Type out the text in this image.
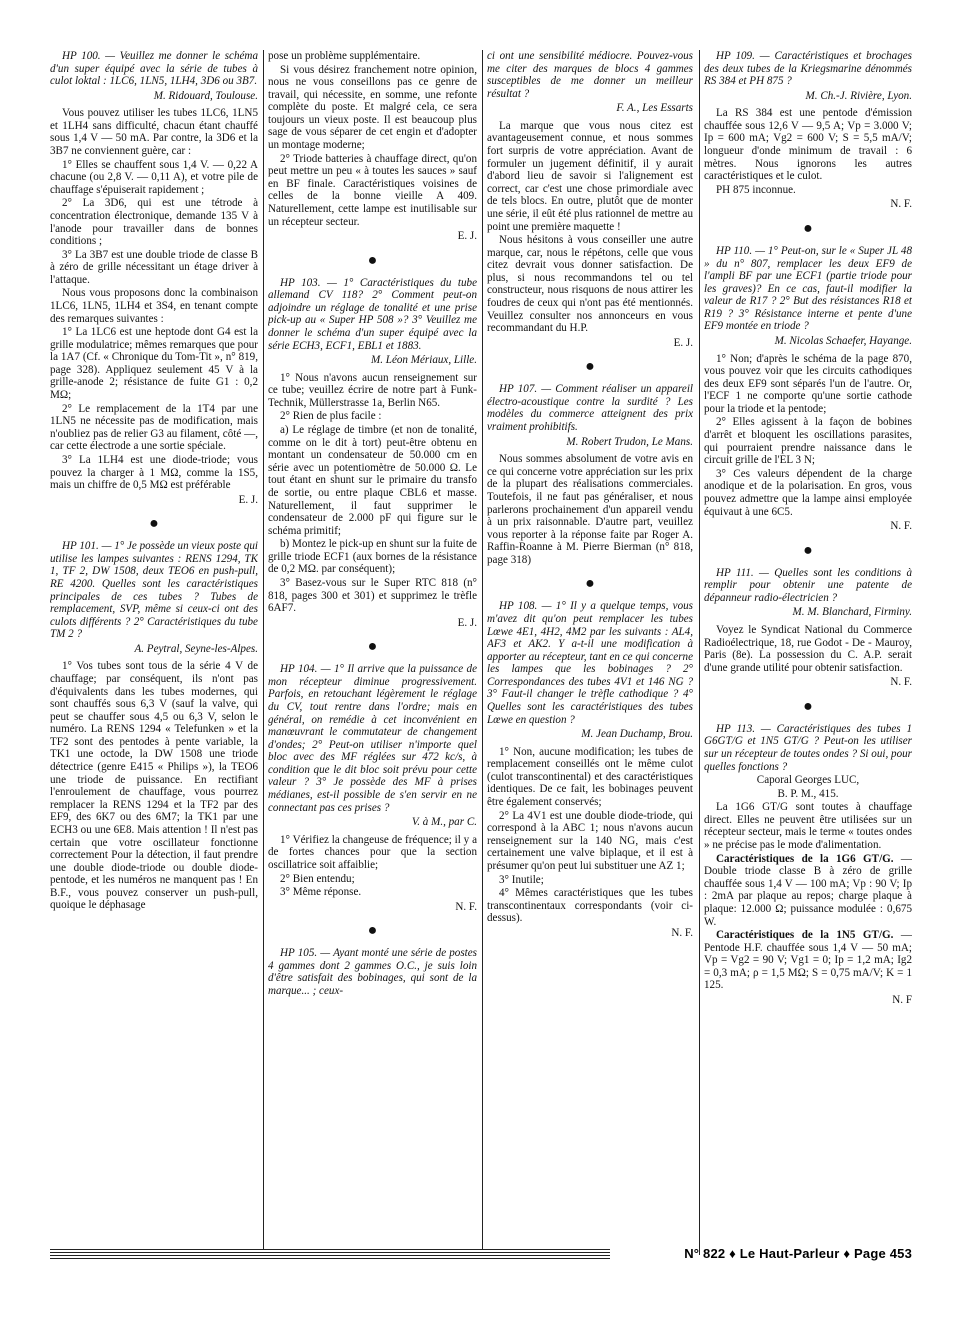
HP 100. — Veuillez me donner le schéma d'un super équipé avec la série de tubes à culot loktal : 1LC6, 1LN5, 1LH4, 3D6 ou 3B7.

M. Ridouard, Toulouse.

Vous pouvez utiliser les tubes 1LC6, 1LN5 et 1LH4 sans difficulté, chacun étant chauffé sous 1,4 V — 50 mA. Par contre, la 3D6 et la 3B7 ne conviennent guère, car :

1° Elles se chauffent sous 1,4 V. — 0,22 A chacune (ou 2,8 V. — 0,11 A), et votre pile de chauffage s'épuiserait rapidement ;

2° La 3D6, qui est une tétrode à concentration électronique, demande 135 V à l'anode pour travailler dans de bonnes conditions ;

3° La 3B7 est une double triode de classe B à zéro de grille nécessitant un étage driver à l'attaque.

Nous vous proposons donc la combinaison 1LC6, 1LN5, 1LH4 et 3S4, en tenant compte des remarques suivantes :

1° La 1LC6 est une heptode dont G4 est la grille modulatrice; mêmes remarques que pour la 1A7 (Cf. « Chronique du Tom-Tit », n° 819, page 328). Appliquez seulement 45 V à la grille-anode 2; résistance de fuite G1 : 0,2 MΩ;

2° Le remplacement de la 1T4 par une 1LN5 ne nécessite pas de modification, mais n'oubliez pas de relier G3 au filament, côté —, car cette électrode a une sortie spéciale.

3° La 1LH4 est une diode-triode; vous pouvez la charger à 1 MΩ, comme la 1S5, mais un chiffre de 0,5 MΩ est préférable

E. J.

●

HP 101. — 1° Je possède un vieux poste qui utilise les lampes suivantes : RENS 1294, TK 1, TF 2, DW 1508, deux TEO6 en push-pull, RE 4200. Quelles sont les caractéristiques principales de ces tubes ? Tubes de remplacement, SVP, même si ceux-ci ont des culots différents ? 2° Caractéristiques du tube TM 2 ?

A. Peytral, Seyne-les-Alpes.

1° Vos tubes sont tous de la série 4 V de chauffage; par conséquent, ils n'ont pas d'équivalents dans les tubes modernes, qui sont chauffés sous 6,3 V (sauf la valve, qui peut se chauffer sous 4,5 ou 6,3 V, selon le numéro. La RENS 1294 « Telefunken » et la TF2 sont des pentodes à pente variable, la TK1 une octode, la DW 1508 une triode détectrice (genre E415 « Philips »), la TEO6 une triode de puissance. En rectifiant l'enroulement de chauffage, vous pourrez remplacer la RENS 1294 et la TF2 par des EF9, des 6K7 ou des 6M7; la TK1 par une ECH3 ou une 6E8. Mais attention ! Il n'est pas certain que votre oscillateur fonctionne correctement Pour la détection, il faut prendre une double diode-triode ou double diode-pentode, et les numéros ne manquent pas ! En B.F., vous pouvez conserver un push-pull, quoique le déphasage

pose un problème supplémentaire.

Si vous désirez franchement notre opinion, nous ne vous conseillons pas ce genre de travail, qui nécessite, en somme, une refonte complète du poste. Et malgré cela, ce sera toujours un vieux poste. Il est beaucoup plus sage de vous séparer de cet engin et d'adopter un montage moderne;

2° Triode batteries à chauffage direct, qu'on peut mettre un peu « à toutes les sauces » sauf en BF finale. Caractéristiques voisines de celles de la bonne vieille A 409. Naturellement, cette lampe est inutilisable sur un récepteur secteur.

E. J.

●

HP 103. — 1° Caractéristiques du tube allemand CV 118? 2° Comment peut-on adjoindre un réglage de tonalité et une prise pick-up au « Super HP 508 »? 3° Veuillez me donner le schéma d'un super équipé avec la série ECH3, ECF1, EBL1 et 1883.

M. Léon Mériaux, Lille.

1° Nous n'avons aucun renseignement sur ce tube; veuillez écrire de notre part à Funk-Technik, Müllerstrasse 1a, Berlin N65.

2° Rien de plus facile :

a) Le réglage de timbre (et non de tonalité, comme on le dit à tort) peut-être obtenu en montant un condensateur de 50.000 cm en série avec un potentiomètre de 50.000 Ω. Le tout étant en shunt sur le primaire du transfo de sortie, ou entre plaque CBL6 et masse. Naturellement, il faut supprimer le condensateur de 2.000 pF qui figure sur le schéma primitif;

b) Montez le pick-up en shunt sur la fuite de grille triode ECF1 (aux bornes de la résistance de 0,2 MΩ. par conséquent);

3° Basez-vous sur le Super RTC 818 (n° 818, pages 300 et 301) et supprimez le trèfle 6AF7.

E. J.

●

HP 104. — 1° Il arrive que la puissance de mon récepteur diminue progressivement. Parfois, en retouchant légèrement le réglage du CV, tout rentre dans l'ordre; mais en général, on remédie à cet inconvénient en manœuvrant le commutateur de changement d'ondes; 2° Peut-on utiliser n'importe quel bloc avec des MF réglées sur 472 kc/s, à condition que le dit bloc soit prévu pour cette valeur ? 3° Je possède des MF à prises médianes, est-il possible de s'en servir en ne connectant pas ces prises ?

V. à M., par C.

1° Vérifiez la changeuse de fréquence; il y a de fortes chances pour que la section oscillatrice soit affaiblie;

2° Bien entendu;

3° Même réponse.

N. F.

●

HP 105. — Ayant monté une série de postes 4 gammes dont 2 gammes O.C., je suis loin d'être satisfait des bobinages, qui sont de la marque... ; ceux-

ci ont une sensibilité médiocre. Pouvez-vous me citer des marques de blocs 4 gammes susceptibles de me donner un meilleur résultat ?

F. A., Les Essarts

La marque que vous nous citez est avantageusement connue, et nous sommes fort surpris de votre appréciation. Avant de formuler un jugement définitif, il y aurait d'abord lieu de savoir si l'alignement est correct, car c'est une chose primordiale avec de tels blocs. En outre, plutôt que de monter une série, il eût été plus rationnel de mettre au point une première maquette !

Nous hésitons à vous conseiller une autre marque, car, nous le répétons, celle que vous citez devrait vous donner satisfaction. De plus, si nous recommandons tel ou tel constructeur, nous risquons de nous attirer les foudres de ceux qui n'ont pas été mentionnés. Veuillez consulter nos annonceurs en vous recommandant du H.P.

E. J.

●

HP 107. — Comment réaliser un appareil électro-acoustique contre la surdité ? Les modèles du commerce atteignent des prix vraiment prohibitifs.

M. Robert Trudon, Le Mans.

Nous sommes absolument de votre avis en ce qui concerne votre appréciation sur les prix de la plupart des réalisations commerciales. Toutefois, il ne faut pas généraliser, et nous parlerons prochainement d'un appareil vendu à un prix raisonnable. D'autre part, veuillez vous reporter à la réponse faite par Roger A. Raffin-Roanne à M. Pierre Bierman (n° 818, page 318)

●

HP 108. — 1° Il y a quelque temps, vous m'avez dit qu'on peut remplacer les tubes Lœwe 4E1, 4H2, 4M2 par les suivants : AL4, AF3 et AK2. Y a-t-il une modification à apporter au récepteur, tant en ce qui concerne les lampes que les bobinages ? 2° Correspondances des tubes 4V1 et 146 NG ? 3° Faut-il changer le trèfle cathodique ? 4° Quelles sont les caractéristiques des tubes Lœwe en question ?

M. Jean Duchamp, Brou.

1° Non, aucune modification; les tubes de remplacement conseillés ont le même culot (culot transcontinental) et des caractéristiques identiques. De ce fait, les bobinages peuvent être également conservés;

2° La 4V1 est une double diode-triode, qui correspond à la ABC 1; nous n'avons aucun renseignement sur la 140 NG, mais c'est certainement une valve biplaque, et il est à présumer qu'on peut lui substituer une AZ 1;

3° Inutile;

4° Mêmes caractéristiques que les tubes transcontinentaux correspondants (voir ci-dessus).

N. F.

HP 109. — Caractéristiques et brochages des deux tubes de la Kriegsmarine dénommés RS 384 et PH 875 ?

M. Ch.-J. Rivière, Lyon.

La RS 384 est une pentode d'émission chauffée sous 12,6 V — 9,5 A; Vp = 3.000 V; Ip = 600 mA; Vg2 = 600 V; S = 5,5 mA/V; longueur d'onde minimum de travail : 6 mètres. Nous ignorons les autres caractéristiques et le culot.

PH 875 inconnue.

N. F.

●

HP 110. — 1° Peut-on, sur le « Super JL 48 » du n° 807, remplacer les deux EF9 de l'ampli BF par une ECF1 (partie triode pour les graves)? En ce cas, faut-il modifier la valeur de R17 ? 2° But des résistances R18 et R19 ? 3° Résistance interne et pente d'une EF9 montée en triode ?

M. Nicolas Schaefer, Hayange.

1° Non; d'après le schéma de la page 870, vous pouvez voir que les circuits cathodiques des deux EF9 sont séparés l'un de l'autre. Or, l'ECF 1 ne comporte qu'une sortie cathode pour la triode et la pentode;

2° Elles agissent à la façon de bobines d'arrêt et bloquent les oscillations parasites, qui pourraient prendre naissance dans le circuit grille de l'EL 3 N;

3° Ces valeurs dépendent de la charge anodique et de la polarisation. En gros, vous pouvez admettre que la lampe ainsi employée équivaut à une 6C5.

N. F.

●

HP 111. — Quelles sont les conditions à remplir pour obtenir une patente de dépanneur radio-électricien ?

M. M. Blanchard, Firminy.

Voyez le Syndicat National du Commerce Radioélectrique, 18, rue Godot - De - Mauroy, Paris (8e). La possession du C. A.P. serait d'une grande utilité pour obtenir satisfaction.

N. F.

●

HP 113. — Caractéristiques des tubes 1 G6GT/G et 1N5 GT/G ? Peut-on les utiliser sur un récepteur de toutes ondes ? Si oui, pour quelles fonctions ?

Caporal Georges LUC,

B. P. M., 415.

La 1G6 GT/G sont toutes à chauffage direct. Elles ne peuvent être utilisées sur un récepteur secteur, mais le terme « toutes ondes » ne précise pas le mode d'alimentation.

Caractéristiques de la 1G6 GT/G. — Double triode classe B à zéro de grille chauffée sous 1,4 V — 100 mA; Vp : 90 V; Ip : 2mA par plaque au repos; charge plaque à plaque: 12.000 Ω; puissance modulée : 0,675 W.

Caractéristiques de la 1N5 GT/G. — Pentode H.F. chauffée sous 1,4 V — 50 mA; Vp = Vg2 = 90 V; Vg1 = 0; Ip = 1,2 mA; Ig2 = 0,3 mA; ρ = 1,5 MΩ; S = 0,75 mA/V; K = 1 125.

N. F

N° 822 ♦ Le Haut-Parleur ♦ Page 453
